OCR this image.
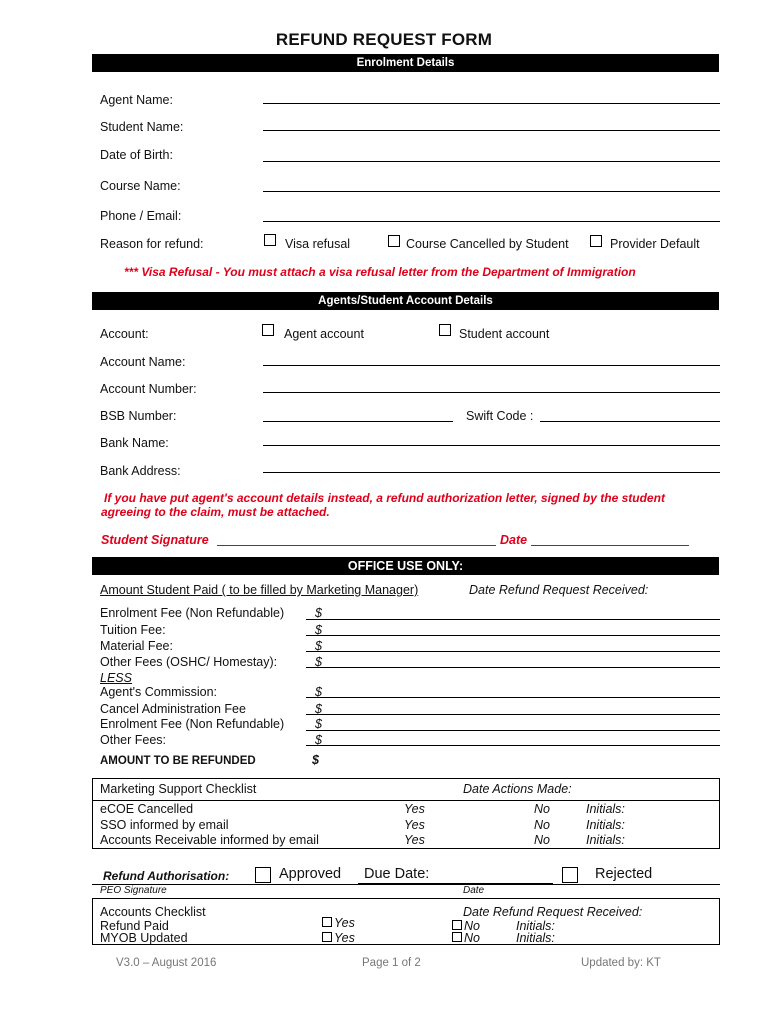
REFUND REQUEST FORM
Enrolment Details
Agent Name:
Student Name:
Date of Birth:
Course Name:
Phone / Email:
Reason for refund:	Visa refusal	Course Cancelled by Student	Provider Default
*** Visa Refusal - You must attach a visa refusal letter from the Department of Immigration
Agents/Student Account Details
Account:	Agent account	Student account
Account Name:
Account Number:
BSB Number:	Swift Code :
Bank Name:
Bank Address:
If you have put agent's account details instead, a refund authorization letter, signed by the student
agreeing to the claim, must be attached.
Student Signature	Date
OFFICE USE ONLY:
Amount Student Paid ( to be filled by Marketing Manager)	Date Refund Request Received:
Enrolment Fee (Non Refundable) $
Tuition Fee:	$
Material Fee:	$
Other Fees (OSHC/ Homestay):	$
LESS
Agent's Commission:	$
Cancel Administration Fee	$
Enrolment Fee (Non Refundable) $
Other Fees:	$
AMOUNT TO BE REFUNDED	$
Marketing Support Checklist	Date Actions Made:
eCOE Cancelled	Yes	No	Initials:
SSO informed by email	Yes	No	Initials:
Accounts Receivable informed by email	Yes	No	Initials:
Refund Authorisation:	Approved Due Date:	Rejected
PEO Signature	Date
Accounts Checklist	Date Refund Request Received:
Refund Paid	Yes	No	Initials:
MYOB Updated	Yes	No	Initials:
V3.0 – August 2016	Page 1 of 2	Updated by: KT
